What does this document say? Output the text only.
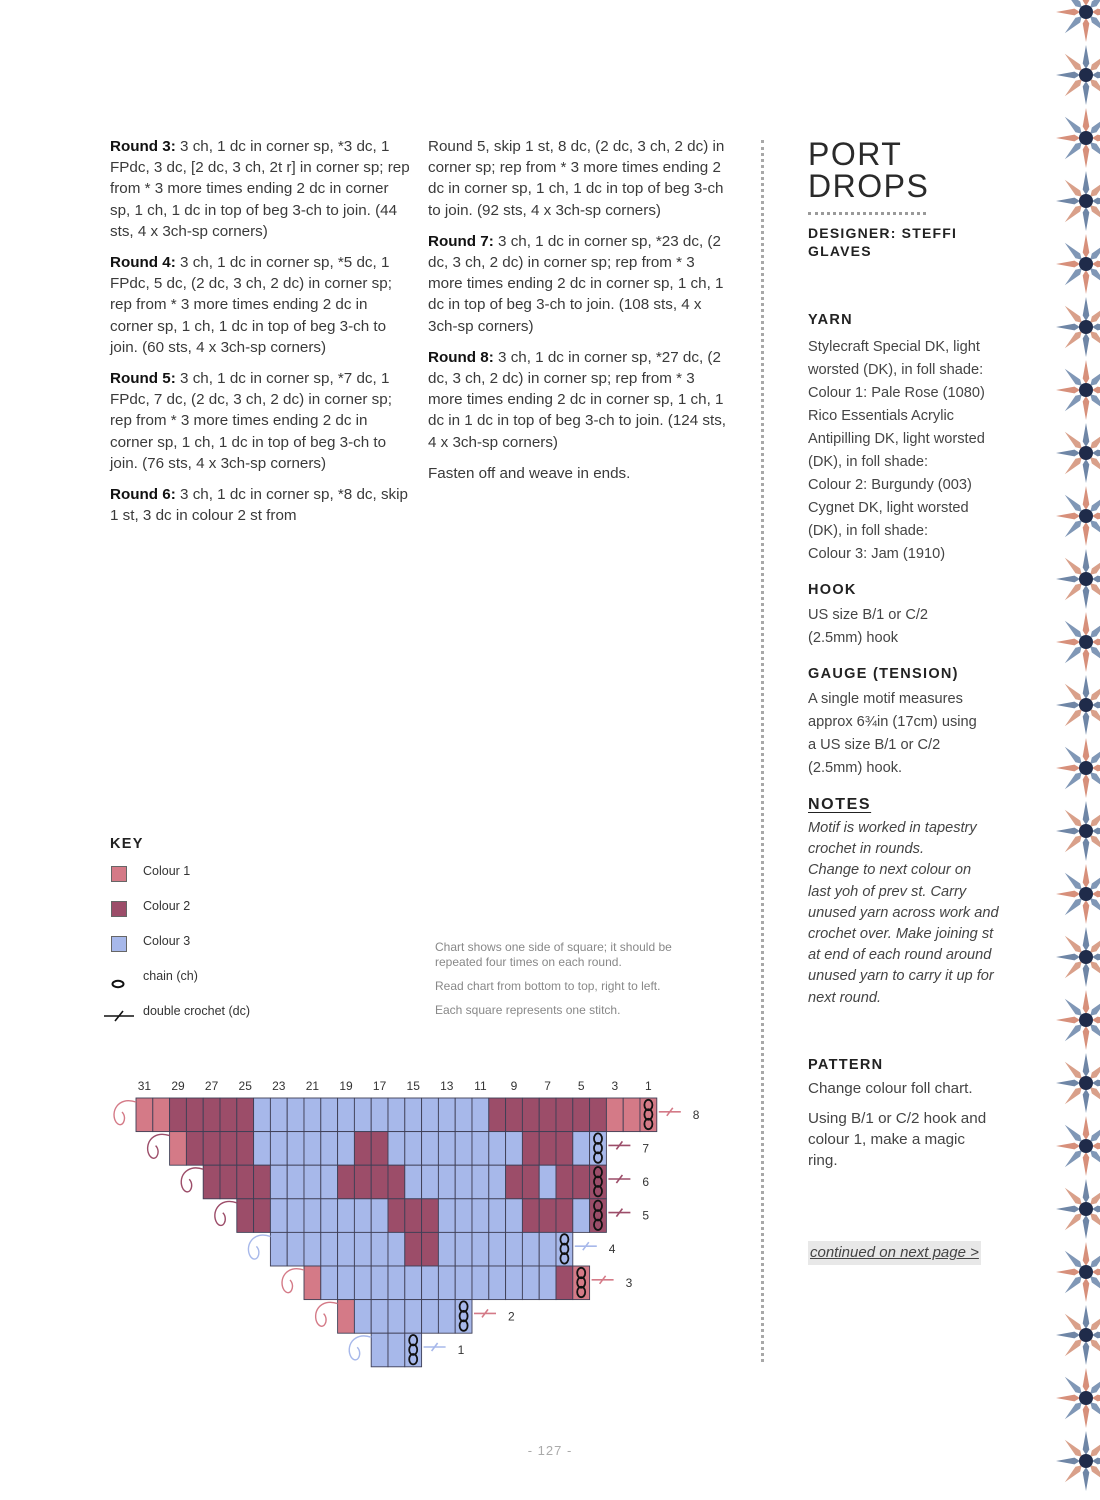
Round 3: 3 ch, 1 dc in corner sp, *3 dc, 1 FPdc, 3 dc, [2 dc, 3 ch, 2t r] in corner sp; rep from * 3 more times ending 2 dc in corner sp, 1 ch, 1 dc in top of beg 3-ch to join. (44 sts, 4 x 3ch-sp corners)

Round 4: 3 ch, 1 dc in corner sp, *5 dc, 1 FPdc, 5 dc, (2 dc, 3 ch, 2 dc) in corner sp; rep from * 3 more times ending 2 dc in corner sp, 1 ch, 1 dc in top of beg 3-ch to join. (60 sts, 4 x 3ch-sp corners)

Round 5: 3 ch, 1 dc in corner sp, *7 dc, 1 FPdc, 7 dc, (2 dc, 3 ch, 2 dc) in corner sp; rep from * 3 more times ending 2 dc in corner sp, 1 ch, 1 dc in top of beg 3-ch to join. (76 sts, 4 x 3ch-sp corners)

Round 6: 3 ch, 1 dc in corner sp, *8 dc, skip 1 st, 3 dc in colour 2 st from

Round 5, skip 1 st, 8 dc, (2 dc, 3 ch, 2 dc) in corner sp; rep from * 3 more times ending 2 dc in corner sp, 1 ch, 1 dc in top of beg 3-ch to join. (92 sts, 4 x 3ch-sp corners)

Round 7: 3 ch, 1 dc in corner sp, *23 dc, (2 dc, 3 ch, 2 dc) in corner sp; rep from * 3 more times ending 2 dc in corner sp, 1 ch, 1 dc in top of beg 3-ch to join. (108 sts, 4 x 3ch-sp corners)

Round 8: 3 ch, 1 dc in corner sp, *27 dc, (2 dc, 3 ch, 2 dc) in corner sp; rep from * 3 more times ending 2 dc in corner sp, 1 ch, 1 dc in 1 dc in top of beg 3-ch to join. (124 sts, 4 x 3ch-sp corners)

Fasten off and weave in ends.

PORT
DROPS
DESIGNER: STEFFI GLAVES
YARN
Stylecraft Special DK, light
worsted (DK), in foll shade:
Colour 1: Pale Rose (1080)
Rico Essentials Acrylic
Antipilling DK, light worsted
(DK), in foll shade:
Colour 2: Burgundy (003)
Cygnet DK, light worsted
(DK), in foll shade:
Colour 3: Jam (1910)
HOOK
US size B/1 or C/2
(2.5mm) hook
GAUGE (TENSION)
A single motif measures
approx 6¾in (17cm) using
a US size B/1 or C/2
(2.5mm) hook.
NOTES
Motif is worked in tapestry
crochet in rounds.
Change to next colour on
last yoh of prev st. Carry
unused yarn across work and
crochet over. Make joining st
at end of each round around
unused yarn to carry it up for
next round.
PATTERN

Change colour foll chart.

Using B/1 or C/2 hook and colour 1, make a magic ring.

continued on next page >
KEY
Colour 1
Colour 2
Colour 3
chain (ch)
double crochet (dc)

Chart shows one side of square; it should be repeated four times on each round.

Read chart from bottom to top, right to left.

Each square represents one stitch.

8
7
6
5
4
3
2
1
31 29 27 25 23 21 19 17 15 13 11 9 7 5 3 1
- 127 -
